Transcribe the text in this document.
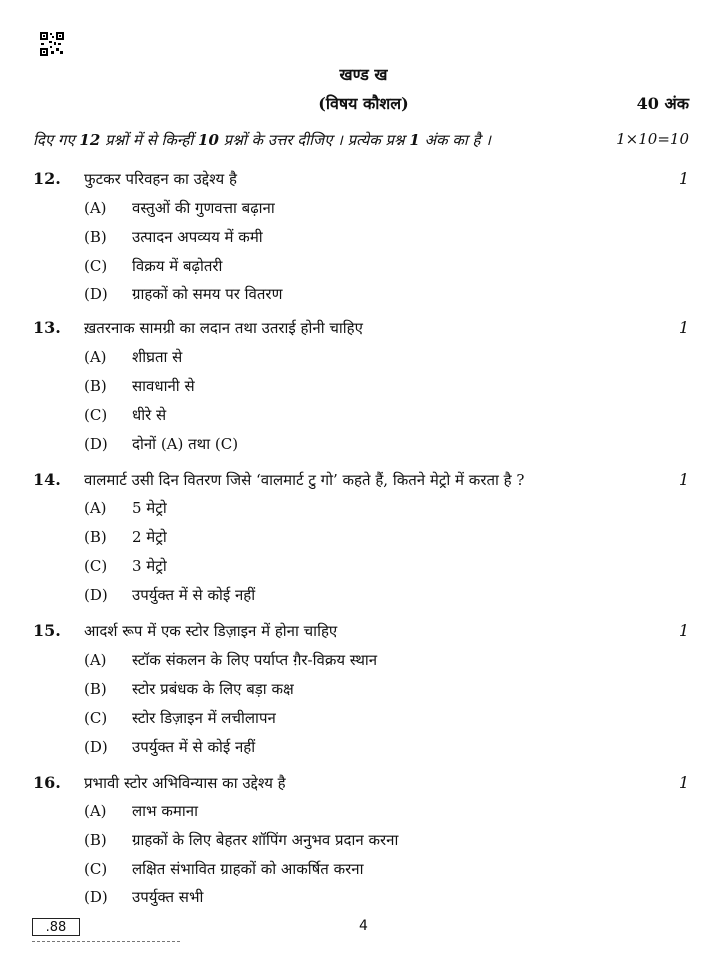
खण्ड ख
(विषय कौशल)	40 अंक
दिए गए 12 प्रश्नों में से किन्हीं 10 प्रश्नों के उत्तर दीजिए । प्रत्येक प्रश्न 1 अंक का है ।	1×10=10
12. फुटकर परिवहन का उद्देश्य है	1
(A) वस्तुओं की गुणवत्ता बढ़ाना
(B) उत्पादन अपव्यय में कमी
(C) विक्रय में बढ़ोतरी
(D) ग्राहकों को समय पर वितरण
13. ख़तरनाक सामग्री का लदान तथा उतराई होनी चाहिए	1
(A) शीघ्रता से
(B) सावधानी से
(C) धीरे से
(D) दोनों (A) तथा (C)
14. वालमार्ट उसी दिन वितरण जिसे ‘वालमार्ट टु गो’ कहते हैं, कितने मेट्रो में करता है ?	1
(A) 5 मेट्रो
(B) 2 मेट्रो
(C) 3 मेट्रो
(D) उपर्युक्त में से कोई नहीं
15. आदर्श रूप में एक स्टोर डिज़ाइन में होना चाहिए	1
(A) स्टॉक संकलन के लिए पर्याप्त ग़ैर-विक्रय स्थान
(B) स्टोर प्रबंधक के लिए बड़ा कक्ष
(C) स्टोर डिज़ाइन में लचीलापन
(D) उपर्युक्त में से कोई नहीं
16. प्रभावी स्टोर अभिविन्यास का उद्देश्य है	1
(A) लाभ कमाना
(B) ग्राहकों के लिए बेहतर शॉपिंग अनुभव प्रदान करना
(C) लक्षित संभावित ग्राहकों को आकर्षित करना
(D) उपर्युक्त सभी
.88	4
